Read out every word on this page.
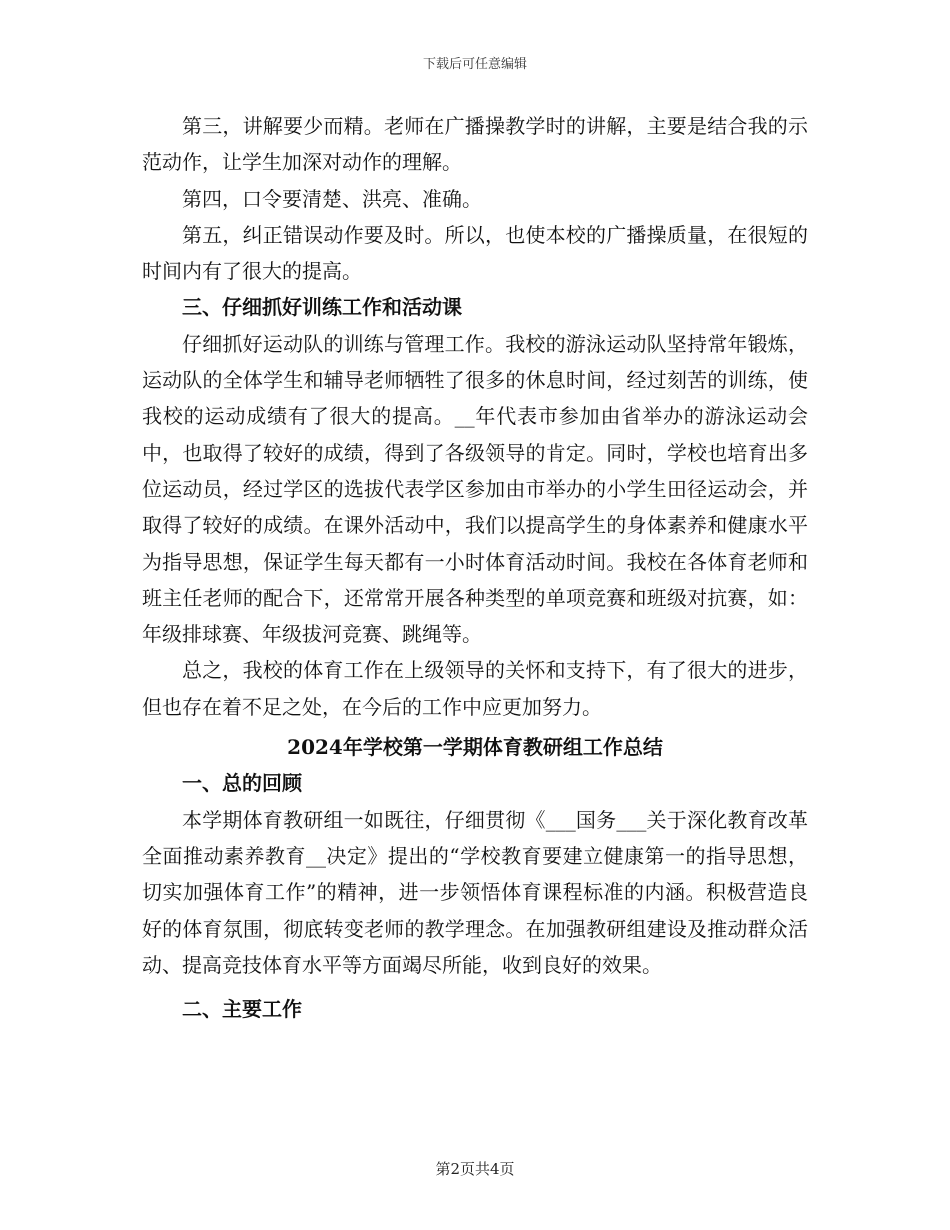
下载后可任意编辑

第三，讲解要少而精。老师在广播操教学时的讲解，主要是结合我的示范动作，让学生加深对动作的理解。

第四，口令要清楚、洪亮、准确。

第五，纠正错误动作要及时。所以，也使本校的广播操质量，在很短的时间内有了很大的提高。

三、仔细抓好训练工作和活动课

仔细抓好运动队的训练与管理工作。我校的游泳运动队坚持常年锻炼，运动队的全体学生和辅导老师牺牲了很多的休息时间，经过刻苦的训练，使我校的运动成绩有了很大的提高。__年代表市参加由省举办的游泳运动会中，也取得了较好的成绩，得到了各级领导的肯定。同时，学校也培育出多位运动员，经过学区的选拔代表学区参加由市举办的小学生田径运动会，并取得了较好的成绩。在课外活动中，我们以提高学生的身体素养和健康水平为指导思想，保证学生每天都有一小时体育活动时间。我校在各体育老师和班主任老师的配合下，还常常开展各种类型的单项竞赛和班级对抗赛，如：年级排球赛、年级拔河竞赛、跳绳等。

总之，我校的体育工作在上级领导的关怀和支持下，有了很大的进步，但也存在着不足之处，在今后的工作中应更加努力。

2024年学校第一学期体育教研组工作总结

一、总的回顾

本学期体育教研组一如既往，仔细贯彻《___国务___关于深化教育改革全面推动素养教育__决定》提出的“学校教育要建立健康第一的指导思想，切实加强体育工作”的精神，进一步领悟体育课程标准的内涵。积极营造良好的体育氛围，彻底转变老师的教学理念。在加强教研组建设及推动群众活动、提高竞技体育水平等方面竭尽所能，收到良好的效果。

二、主要工作

第2页共4页
